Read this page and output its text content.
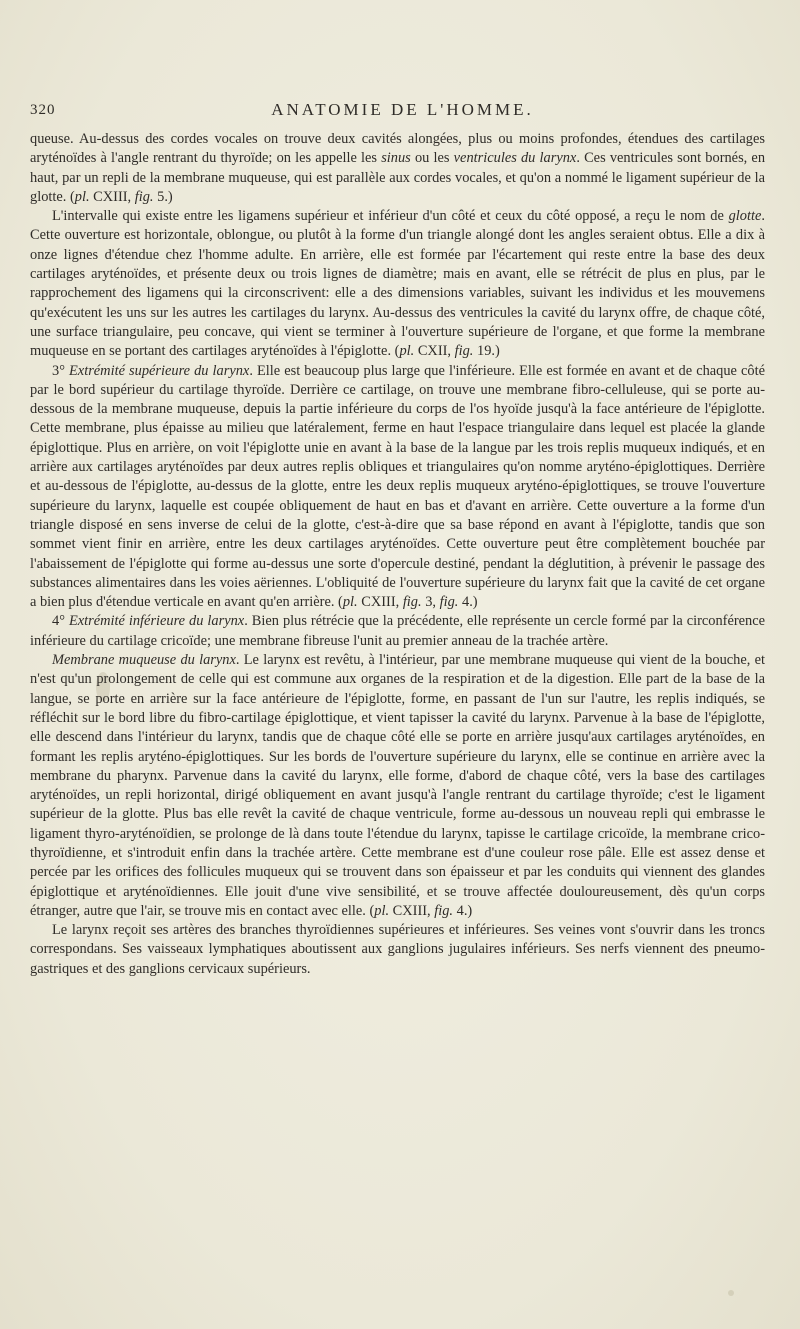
320	ANATOMIE DE L'HOMME.

queuse. Au-dessus des cordes vocales on trouve deux cavités alongées, plus ou moins profondes, étendues des cartilages aryténoïdes à l'angle rentrant du thyroïde; on les appelle les sinus ou les ventricules du larynx. Ces ventricules sont bornés, en haut, par un repli de la membrane muqueuse, qui est parallèle aux cordes vocales, et qu'on a nommé le ligament supérieur de la glotte. (pl. CXIII, fig. 5.)

L'intervalle qui existe entre les ligamens supérieur et inférieur d'un côté et ceux du côté opposé, a reçu le nom de glotte. Cette ouverture est horizontale, oblongue, ou plutôt à la forme d'un triangle alongé dont les angles seraient obtus. Elle a dix à onze lignes d'étendue chez l'homme adulte. En arrière, elle est formée par l'écartement qui reste entre la base des deux cartilages aryténoïdes, et présente deux ou trois lignes de diamètre; mais en avant, elle se rétrécit de plus en plus, par le rapprochement des ligamens qui la circonscrivent: elle a des dimensions variables, suivant les individus et les mouvemens qu'exécutent les uns sur les autres les cartilages du larynx. Au-dessus des ventricules la cavité du larynx offre, de chaque côté, une surface triangulaire, peu concave, qui vient se terminer à l'ouverture supérieure de l'organe, et que forme la membrane muqueuse en se portant des cartilages aryténoïdes à l'épiglotte. (pl. CXII, fig. 19.)

3° Extrémité supérieure du larynx. Elle est beaucoup plus large que l'inférieure. Elle est formée en avant et de chaque côté par le bord supérieur du cartilage thyroïde. Derrière ce cartilage, on trouve une membrane fibro-celluleuse, qui se porte au-dessous de la membrane muqueuse, depuis la partie inférieure du corps de l'os hyoïde jusqu'à la face antérieure de l'épiglotte. Cette membrane, plus épaisse au milieu que latéralement, ferme en haut l'espace triangulaire dans lequel est placée la glande épiglottique. Plus en arrière, on voit l'épiglotte unie en avant à la base de la langue par les trois replis muqueux indiqués, et en arrière aux cartilages aryténoïdes par deux autres replis obliques et triangulaires qu'on nomme aryténo-épiglottiques. Derrière et au-dessous de l'épiglotte, au-dessus de la glotte, entre les deux replis muqueux aryténo-épiglottiques, se trouve l'ouverture supérieure du larynx, laquelle est coupée obliquement de haut en bas et d'avant en arrière. Cette ouverture a la forme d'un triangle disposé en sens inverse de celui de la glotte, c'est-à-dire que sa base répond en avant à l'épiglotte, tandis que son sommet vient finir en arrière, entre les deux cartilages aryténoïdes. Cette ouverture peut être complètement bouchée par l'abaissement de l'épiglotte qui forme au-dessus une sorte d'opercule destiné, pendant la déglutition, à prévenir le passage des substances alimentaires dans les voies aëriennes. L'obliquité de l'ouverture supérieure du larynx fait que la cavité de cet organe a bien plus d'étendue verticale en avant qu'en arrière. (pl. CXIII, fig. 3, fig. 4.)

4° Extrémité inférieure du larynx. Bien plus rétrécie que la précédente, elle représente un cercle formé par la circonférence inférieure du cartilage cricoïde; une membrane fibreuse l'unit au premier anneau de la trachée artère.

Membrane muqueuse du larynx. Le larynx est revêtu, à l'intérieur, par une membrane muqueuse qui vient de la bouche, et n'est qu'un prolongement de celle qui est commune aux organes de la respiration et de la digestion. Elle part de la base de la langue, se porte en arrière sur la face antérieure de l'épiglotte, forme, en passant de l'un sur l'autre, les replis indiqués, se réfléchit sur le bord libre du fibro-cartilage épiglottique, et vient tapisser la cavité du larynx. Parvenue à la base de l'épiglotte, elle descend dans l'intérieur du larynx, tandis que de chaque côté elle se porte en arrière jusqu'aux cartilages aryténoïdes, en formant les replis aryténo-épiglottiques. Sur les bords de l'ouverture supérieure du larynx, elle se continue en arrière avec la membrane du pharynx. Parvenue dans la cavité du larynx, elle forme, d'abord de chaque côté, vers la base des cartilages aryténoïdes, un repli horizontal, dirigé obliquement en avant jusqu'à l'angle rentrant du cartilage thyroïde; c'est le ligament supérieur de la glotte. Plus bas elle revêt la cavité de chaque ventricule, forme au-dessous un nouveau repli qui embrasse le ligament thyro-aryténoïdien, se prolonge de là dans toute l'étendue du larynx, tapisse le cartilage cricoïde, la membrane crico-thyroïdienne, et s'introduit enfin dans la trachée artère. Cette membrane est d'une couleur rose pâle. Elle est assez dense et percée par les orifices des follicules muqueux qui se trouvent dans son épaisseur et par les conduits qui viennent des glandes épiglottique et aryténoïdiennes. Elle jouit d'une vive sensibilité, et se trouve affectée douloureusement, dès qu'un corps étranger, autre que l'air, se trouve mis en contact avec elle. (pl. CXIII, fig. 4.)

Le larynx reçoit ses artères des branches thyroïdiennes supérieures et inférieures. Ses veines vont s'ouvrir dans les troncs correspondans. Ses vaisseaux lymphatiques aboutissent aux ganglions jugulaires inférieurs. Ses nerfs viennent des pneumo-gastriques et des ganglions cervicaux supérieurs.
